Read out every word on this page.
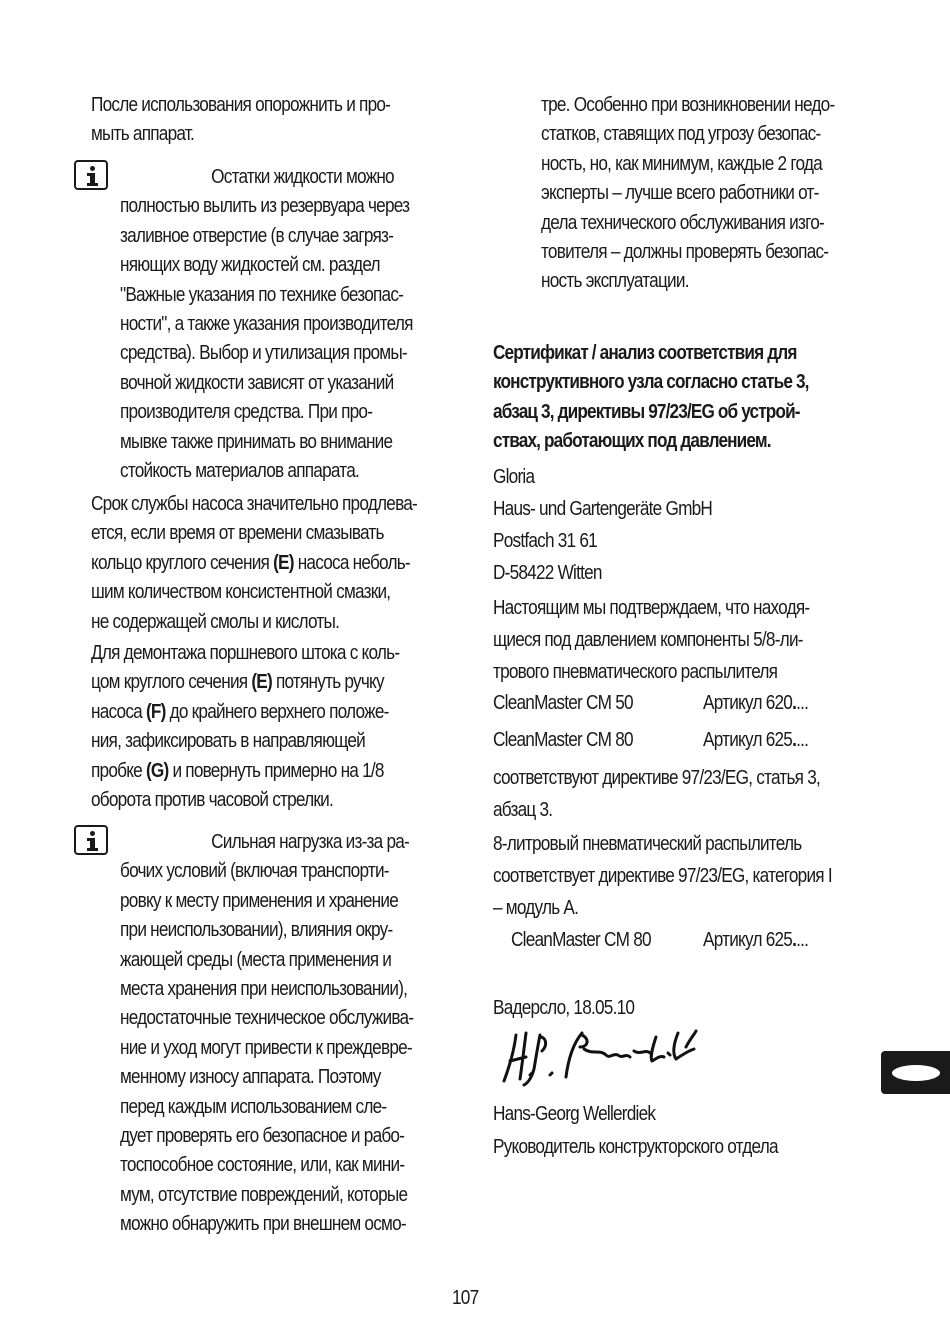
После использования опорожнить и про-
мыть аппарат.
Остатки жидкости можно
полностью вылить из резервуара через
заливное отверстие (в случае загряз-
няющих воду жидкостей см. раздел
"Важные указания по технике безопас-
ности", а также указания производителя
средства). Выбор и утилизация промы-
вочной жидкости зависят от указаний
производителя средства. При про-
мывке также принимать во внимание
стойкость материалов аппарата.
Срок службы насоса значительно продлева-
ется, если время от времени смазывать
кольцо круглого сечения (E) насоса неболь-
шим количеством консистентной смазки,
не содержащей смолы и кислоты.
Для демонтажа поршневого штока с коль-
цом круглого сечения (E) потянуть ручку
насоса (F) до крайнего верхнего положе-
ния, зафиксировать в направляющей
пробке (G) и повернуть примерно на 1/8
оборота против часовой стрелки.
Сильная нагрузка из-за ра-
бочих условий (включая транспорти-
ровку к месту применения и хранение
при неиспользовании), влияния окру-
жающей среды (места применения и
места хранения при неиспользовании),
недостаточные техническое обслужива-
ние и уход могут привести к преждевре-
менному износу аппарата. Поэтому
перед каждым использованием сле-
дует проверять его безопасное и рабо-
тоспособное состояние, или, как мини-
мум, отсутствие повреждений, которые
можно обнаружить при внешнем осмо-
тре. Особенно при возникновении недо-
статков, ставящих под угрозу безопас-
ность, но, как минимум, каждые 2 года
эксперты – лучше всего работники от-
дела технического обслуживания изго-
товителя – должны проверять безопас-
ность эксплуатации.
Сертификат / анализ соответствия для
конструктивного узла согласно статье 3,
абзац 3, директивы 97/23/EG об устрой-
ствах, работающих под давлением.
Gloria
Haus- und Gartengeräte GmbH
Postfach 31 61
D-58422 Witten
Настоящим мы подтверждаем, что находя-
щиеся под давлением компоненты 5/8-ли-
трового пневматического распылителя
CleanMaster CM 50	Артикул 620....
CleanMaster CM 80	Артикул 625....
соответствуют директиве 97/23/EG, статья 3,
абзац 3.
8-литровый пневматический распылитель
соответствует директиве 97/23/EG, категория I
– модуль A.
CleanMaster CM 80	Артикул 625....
Вадерсло, 18.05.10
Hans-Georg Wellerdiek
Руководитель конструкторского отдела
107
